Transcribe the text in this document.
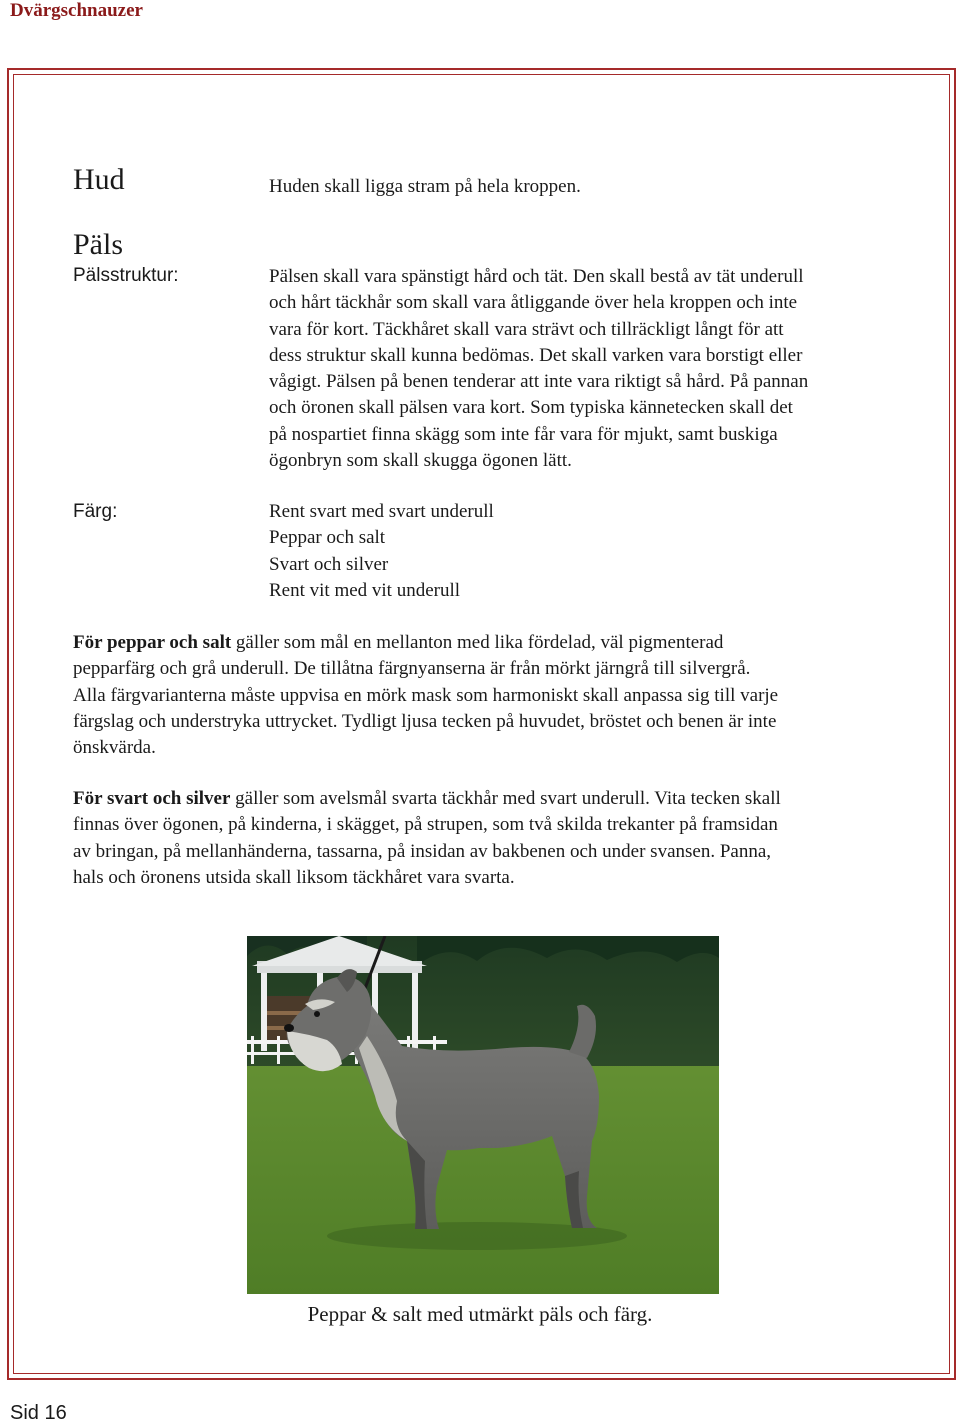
Dvärgschnauzer
Hud	Huden skall ligga stram på hela kroppen.
Päls
Pälsstruktur:	Pälsen skall vara spänstigt hård och tät. Den skall bestå av tät underull
och hårt täckhår som skall vara åtliggande över hela kroppen och inte
vara för kort. Täckhåret skall vara strävt och tillräckligt långt för att
dess struktur skall kunna bedömas. Det skall varken vara borstigt eller
vågigt. Pälsen på benen tenderar att inte vara riktigt så hård. På pannan
och öronen skall pälsen vara kort. Som typiska kännetecken skall det
på nospartiet finna skägg som inte får vara för mjukt, samt buskiga
ögonbryn som skall skugga ögonen lätt.
Färg:	Rent svart med svart underull
Peppar och salt
Svart och silver
Rent vit med vit underull
För peppar och salt gäller som mål en mellanton med lika fördelad, väl pigmenterad
pepparfärg och grå underull. De tillåtna färgnyanserna är från mörkt järngrå till silvergrå.
Alla färgvarianterna måste uppvisa en mörk mask som harmoniskt skall anpassa sig till varje
färgslag och understryka uttrycket. Tydligt ljusa tecken på huvudet, bröstet och benen är inte
önskvärda.
För svart och silver gäller som avelsmål svarta täckhår med svart underull. Vita tecken skall
finnas över ögonen, på kinderna, i skägget, på strupen, som två skilda trekanter på framsidan
av bringan, på mellanhänderna, tassarna, på insidan av bakbenen och under svansen. Panna,
hals och öronens utsida skall liksom täckhåret vara svarta.
Peppar & salt med utmärkt päls och färg.
Sid 16
